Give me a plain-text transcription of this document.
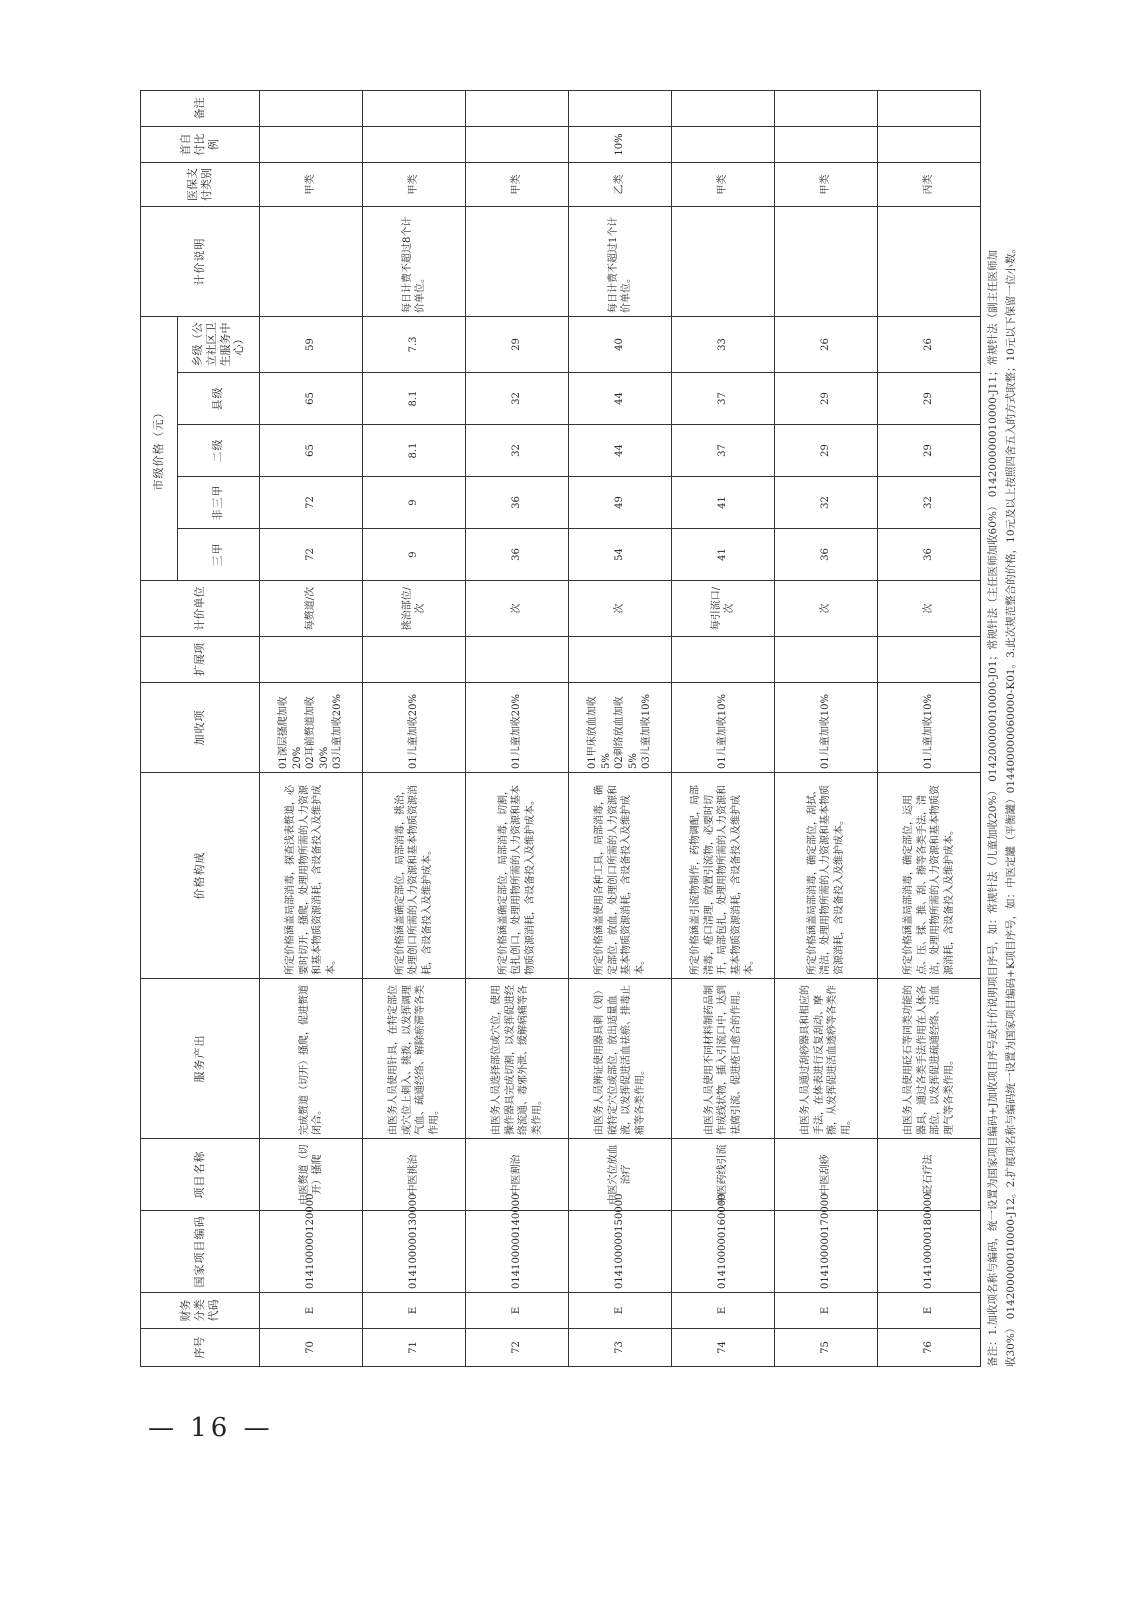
序号	财务分类代码	国家项目编码	项目名称	服务产出	价格构成	加收项	扩展项	计价单位	市级价格（元）					计价说明	医保支付类别	首自付比例	备注
									三甲	非三甲	二级	县级	乡级（公立社区卫生服务中心）				
70	E	014100000120000	中医赘道（切开）搔爬	完成赘道（切开）搔爬，促进赘道闭合。	所定价格涵盖局部消毒，探查浅表赘道，必要时切开，搔爬，处理用物所需的人力资源和基本物质资源消耗，含设备投入及维护成本。	01深层搔爬加收20%
02耳前赘道加收30%
03儿童加收20%		每赘道/次	72	72	65	65	59		甲类		
71	E	014100000130000	中医挑治	由医务人员使用针具，在特定部位或穴位上刺入、挑拨，以发挥调理气血、疏通经络、解除瘀滞等各类作用。	所定价格涵盖确定部位，局部消毒，挑治，处理创口所需的人力资源和基本物质资源消耗，含设备投入及维护成本。	01儿童加收20%		挑治部位/次	9	9	8.1	8.1	7.3	每日计费不超过8个计价单位。	甲类		
72	E	014100000140000	中医割治	由医务人员选择部位或穴位，使用操作器具完成切割，以发挥促进经络流通、毒邪外泄、缓解病痛等各类作用。	所定价格涵盖确定部位，局部消毒，切割，包扎创口，处理用物所需的人力资源和基本物质资源消耗，含设备投入及维护成本。	01儿童加收20%		次	36	36	32	32	29		甲类		
73	E	014100000150000	中医穴位放血治疗	由医务人员辨证使用器具刺（划）破特定穴位或部位，放出适量血液，以发挥促进活血祛瘀、排毒止痛等各类作用。	所定价格涵盖使用各种工具，局部消毒，确定部位，放血，处理创口所需的人力资源和基本物质资源消耗，含设备投入及维护成本。	01甲床放血加收5%
02刺络放血加收5%
03儿童加收10%		次	54	49	44	44	40	每日计费不超过1个计价单位。	乙类	10%	
74	E	014100000160000	中医药线引流	由医务人员使用不同材料制药品制作成线状物，插入引流口中，达到祛腐引流、促进疮口愈合的作用。	所定价格涵盖引流物制作，药物调配，局部清毒，疮口清理，放置引流物，必要时切开，局部包扎，处理用物所需的人力资源和基本物质资源消耗，含设备投入及维护成本。	01儿童加收10%		每引流口/次	41	41	37	37	33		甲类		
75	E	014100000170000	中医刮痧	由医务人员通过刮痧器具和相应的手法，在体表进行反复刮动、摩擦，从发挥促进活血透痧等各类作用。	所定价格涵盖局部消毒，确定部位，刮拭、清洁，处理用物所需的人力资源和基本物质资源消耗，含设备投入及维护成本。	01儿童加收10%		次	36	32	29	29	26		甲类		
76	E	014100000180000	砭石疗法	由医务人员使用砭石等同类功能的器具，通过各类手法作用在人体各部位，以发挥促进疏通经络、活血理气等各类作用。	所定价格涵盖局部消毒，确定部位，运用点、压、揉、推、刮、擦等各类手法，清洁，处理用物所需的人力资源和基本物质资源消耗，含设备投入及维护成本。	01儿童加收10%		次	36	32	29	29	26		丙类		
备注：1.加收项名称与编码，统一设置为国家项目编码+J加收项目序号或计价说明项目序号，如：常规针法（儿童加收20%） 014200000010000-J01；常规针法（主任医师加收60%） 014200000010000-J11；常规针法（副主任医师加 收30%） 014200000010000-J12。2.扩展项名称与编码统一设置为国家项目编码+K项目序号，如：中医定罐（平衡罐）014400000060000-K01。3.此次规范整合的价格，10元及以上按照四舍五入的方式取整；10元以下保留一位小数。
— 16 —
